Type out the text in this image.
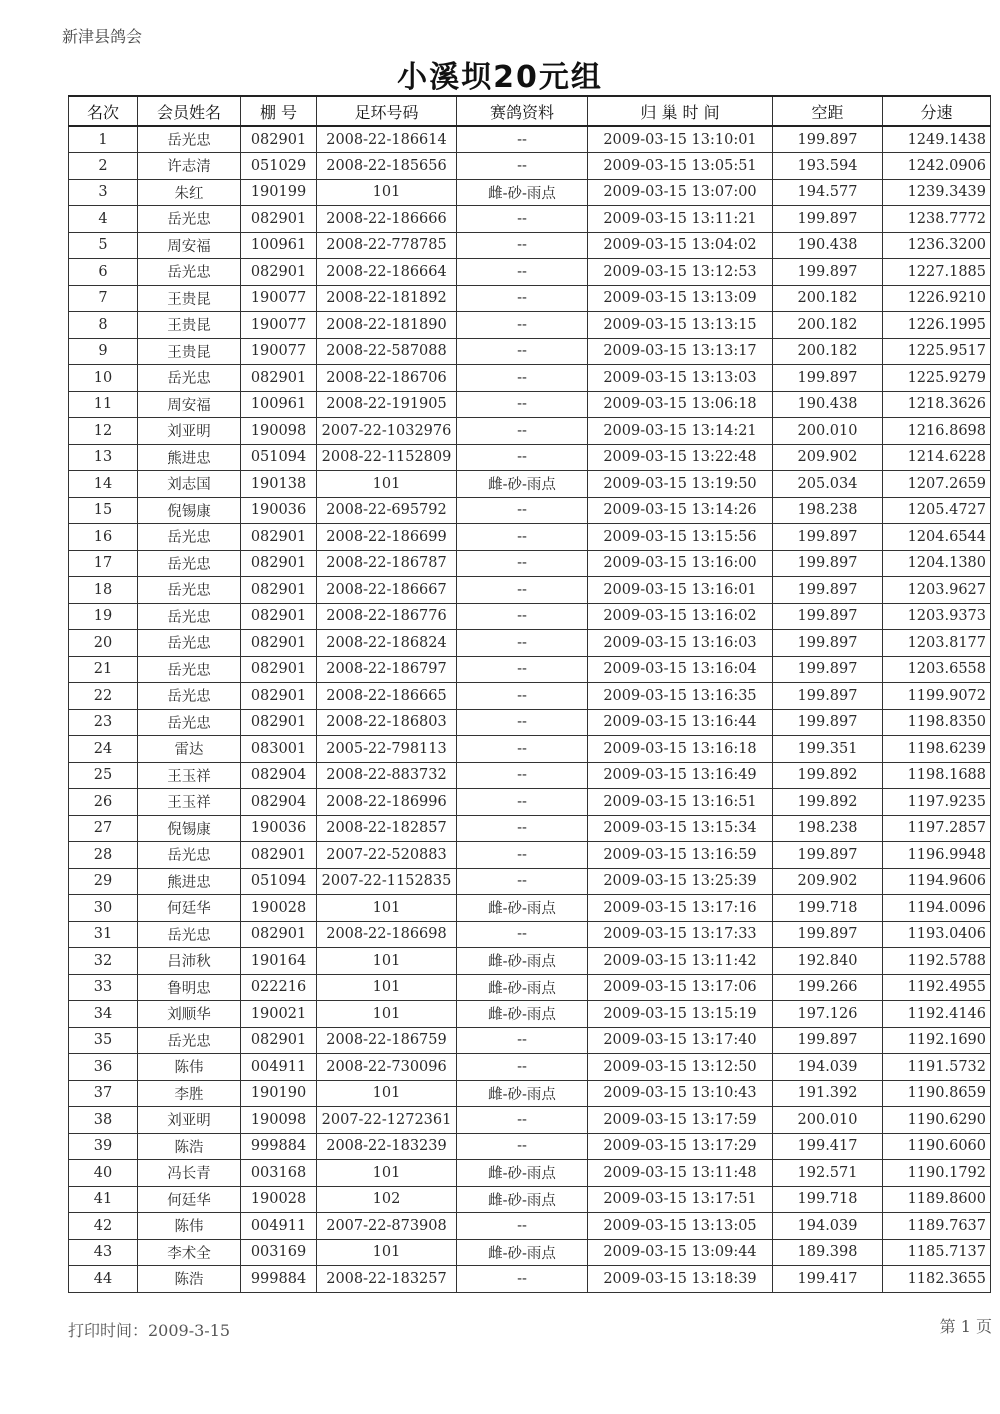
新津县鸽会
小溪坝20元组
名次	会员姓名	棚 号	足环号码	赛鸽资料	归 巢 时 间	空距	分速
1	岳光忠	082901	2008-22-186614	--	2009-03-15 13:10:01	199.897	1249.1438
2	许志清	051029	2008-22-185656	--	2009-03-15 13:05:51	193.594	1242.0906
3	朱红	190199	101	雌-砂-雨点	2009-03-15 13:07:00	194.577	1239.3439
4	岳光忠	082901	2008-22-186666	--	2009-03-15 13:11:21	199.897	1238.7772
5	周安福	100961	2008-22-778785	--	2009-03-15 13:04:02	190.438	1236.3200
6	岳光忠	082901	2008-22-186664	--	2009-03-15 13:12:53	199.897	1227.1885
7	王贵昆	190077	2008-22-181892	--	2009-03-15 13:13:09	200.182	1226.9210
8	王贵昆	190077	2008-22-181890	--	2009-03-15 13:13:15	200.182	1226.1995
9	王贵昆	190077	2008-22-587088	--	2009-03-15 13:13:17	200.182	1225.9517
10	岳光忠	082901	2008-22-186706	--	2009-03-15 13:13:03	199.897	1225.9279
11	周安福	100961	2008-22-191905	--	2009-03-15 13:06:18	190.438	1218.3626
12	刘亚明	190098	2007-22-1032976	--	2009-03-15 13:14:21	200.010	1216.8698
13	熊进忠	051094	2008-22-1152809	--	2009-03-15 13:22:48	209.902	1214.6228
14	刘志国	190138	101	雌-砂-雨点	2009-03-15 13:19:50	205.034	1207.2659
15	倪锡康	190036	2008-22-695792	--	2009-03-15 13:14:26	198.238	1205.4727
16	岳光忠	082901	2008-22-186699	--	2009-03-15 13:15:56	199.897	1204.6544
17	岳光忠	082901	2008-22-186787	--	2009-03-15 13:16:00	199.897	1204.1380
18	岳光忠	082901	2008-22-186667	--	2009-03-15 13:16:01	199.897	1203.9627
19	岳光忠	082901	2008-22-186776	--	2009-03-15 13:16:02	199.897	1203.9373
20	岳光忠	082901	2008-22-186824	--	2009-03-15 13:16:03	199.897	1203.8177
21	岳光忠	082901	2008-22-186797	--	2009-03-15 13:16:04	199.897	1203.6558
22	岳光忠	082901	2008-22-186665	--	2009-03-15 13:16:35	199.897	1199.9072
23	岳光忠	082901	2008-22-186803	--	2009-03-15 13:16:44	199.897	1198.8350
24	雷达	083001	2005-22-798113	--	2009-03-15 13:16:18	199.351	1198.6239
25	王玉祥	082904	2008-22-883732	--	2009-03-15 13:16:49	199.892	1198.1688
26	王玉祥	082904	2008-22-186996	--	2009-03-15 13:16:51	199.892	1197.9235
27	倪锡康	190036	2008-22-182857	--	2009-03-15 13:15:34	198.238	1197.2857
28	岳光忠	082901	2007-22-520883	--	2009-03-15 13:16:59	199.897	1196.9948
29	熊进忠	051094	2007-22-1152835	--	2009-03-15 13:25:39	209.902	1194.9606
30	何廷华	190028	101	雌-砂-雨点	2009-03-15 13:17:16	199.718	1194.0096
31	岳光忠	082901	2008-22-186698	--	2009-03-15 13:17:33	199.897	1193.0406
32	吕沛秋	190164	101	雌-砂-雨点	2009-03-15 13:11:42	192.840	1192.5788
33	鲁明忠	022216	101	雌-砂-雨点	2009-03-15 13:17:06	199.266	1192.4955
34	刘顺华	190021	101	雌-砂-雨点	2009-03-15 13:15:19	197.126	1192.4146
35	岳光忠	082901	2008-22-186759	--	2009-03-15 13:17:40	199.897	1192.1690
36	陈伟	004911	2008-22-730096	--	2009-03-15 13:12:50	194.039	1191.5732
37	李胜	190190	101	雌-砂-雨点	2009-03-15 13:10:43	191.392	1190.8659
38	刘亚明	190098	2007-22-1272361	--	2009-03-15 13:17:59	200.010	1190.6290
39	陈浩	999884	2008-22-183239	--	2009-03-15 13:17:29	199.417	1190.6060
40	冯长青	003168	101	雌-砂-雨点	2009-03-15 13:11:48	192.571	1190.1792
41	何廷华	190028	102	雌-砂-雨点	2009-03-15 13:17:51	199.718	1189.8600
42	陈伟	004911	2007-22-873908	--	2009-03-15 13:13:05	194.039	1189.7637
43	李术全	003169	101	雌-砂-雨点	2009-03-15 13:09:44	189.398	1185.7137
44	陈浩	999884	2008-22-183257	--	2009-03-15 13:18:39	199.417	1182.3655
打印时间：2009-3-15	第 1 页
